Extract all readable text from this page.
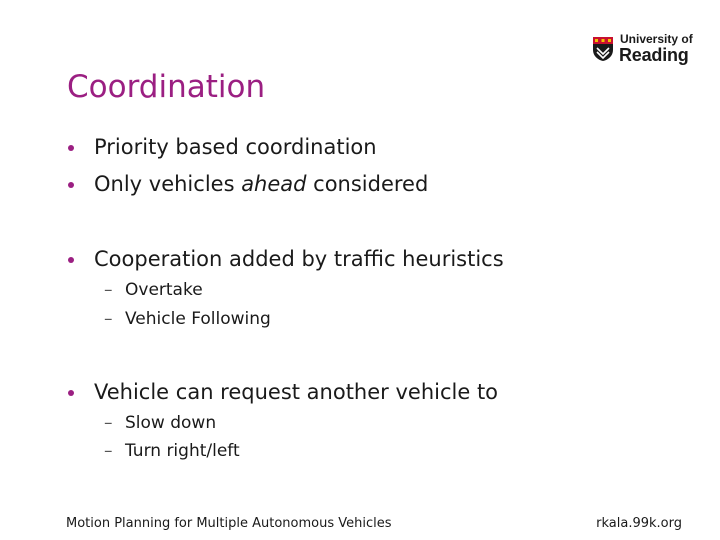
University of
Reading
Coordination
Priority based coordination
Only vehicles ahead considered
Cooperation added by traffic heuristics
– Overtake
– Vehicle Following
Vehicle can request another vehicle to
– Slow down
– Turn right/left
Motion Planning for Multiple Autonomous Vehicles	rkala.99k.org
